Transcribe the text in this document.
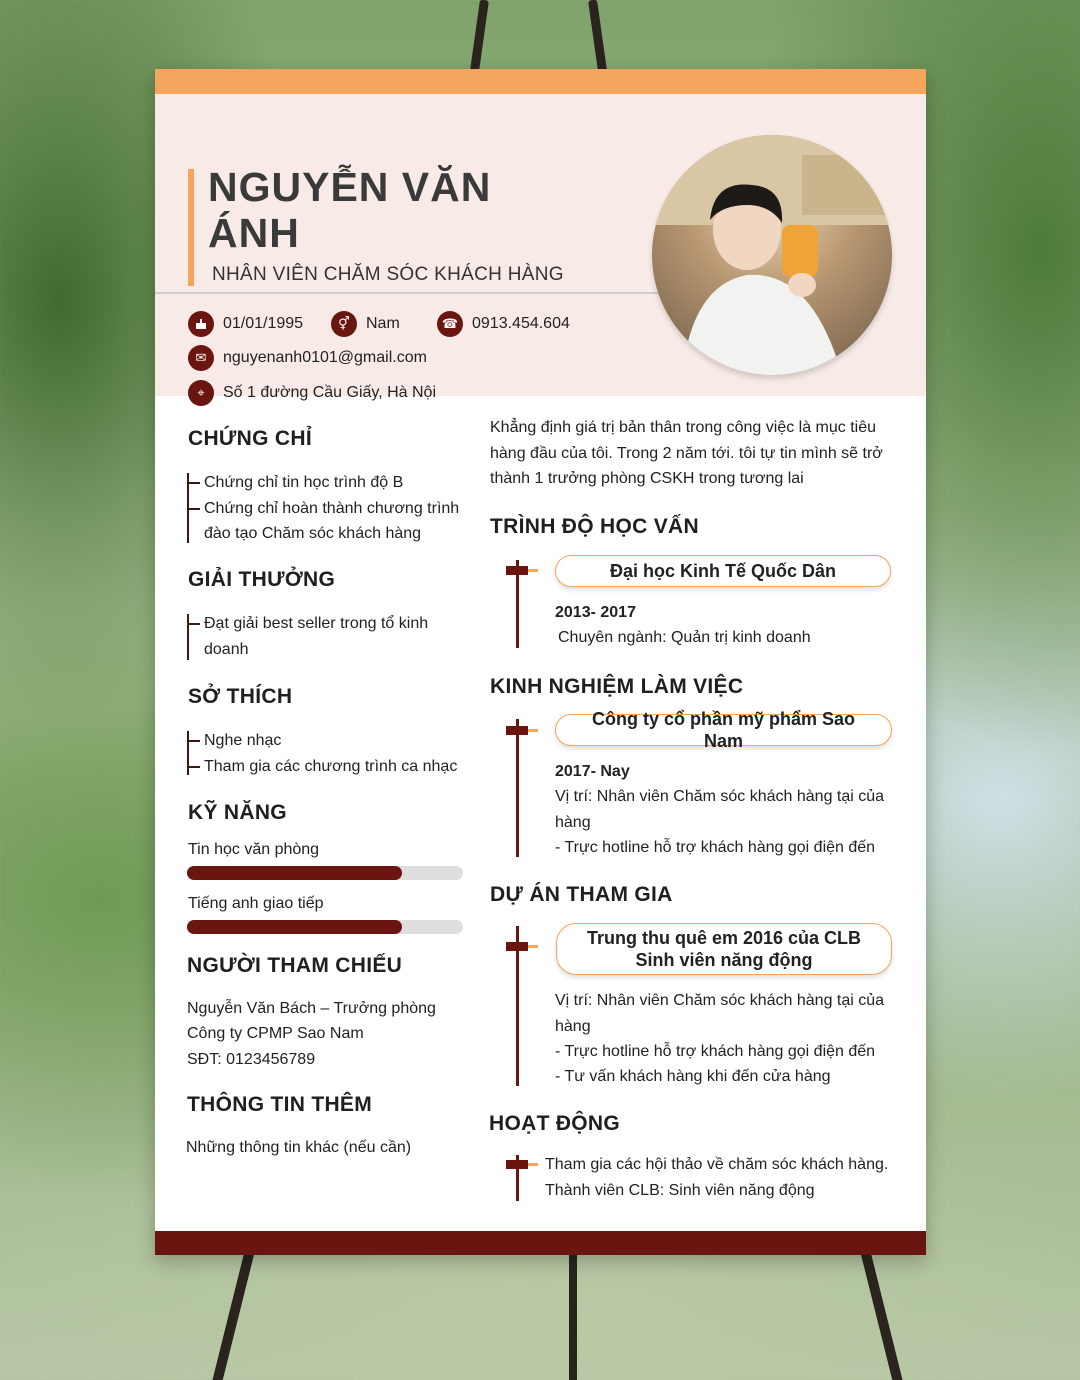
NGUYỄN VĂN ÁNH
NHÂN VIÊN CHĂM SÓC KHÁCH HÀNG
01/01/1995	⚥	Nam	☎ 0913.454.604
✉	nguyenanh0101@gmail.com
⌖	Số 1 đường Cầu Giấy, Hà Nội
CHỨNG CHỈ
Chứng chỉ tin học trình độ B
Chứng chỉ hoàn thành chương trình đào tạo Chăm sóc khách hàng
GIẢI THƯỞNG
Đạt giải best seller trong tổ kinh doanh
SỞ THÍCH
Nghe nhạc
Tham gia các chương trình ca nhạc
KỸ NĂNG
Tin học văn phòng
Tiếng anh giao tiếp
NGƯỜI THAM CHIẾU
Nguyễn Văn Bách – Trưởng phòng
Công ty CPMP Sao Nam
SĐT: 0123456789
THÔNG TIN THÊM
Những thông tin khác (nếu cần)
Khẳng định giá trị bản thân trong công việc là mục tiêu hàng đầu của tôi. Trong 2 năm tới. tôi tự tin mình sẽ trở thành 1 trưởng phòng CSKH trong tương lai
TRÌNH ĐỘ HỌC VẤN
Đại học Kinh Tế Quốc Dân
2013- 2017
Chuyên ngành: Quản trị kinh doanh
KINH NGHIỆM LÀM VIỆC
Công ty cổ phần mỹ phẩm Sao Nam
2017- Nay
Vị trí: Nhân viên Chăm sóc khách hàng tại của hàng
- Trực hotline hỗ trợ khách hàng gọi điện đến
DỰ ÁN THAM GIA
Trung thu quê em 2016 của CLB Sinh viên năng động
Vị trí: Nhân viên Chăm sóc khách hàng tại của hàng
- Trực hotline hỗ trợ khách hàng gọi điện đến
- Tư vấn khách hàng khi đến cửa hàng
HOẠT ĐỘNG
Tham gia các hội thảo về chăm sóc khách hàng.
Thành viên CLB: Sinh viên năng động
